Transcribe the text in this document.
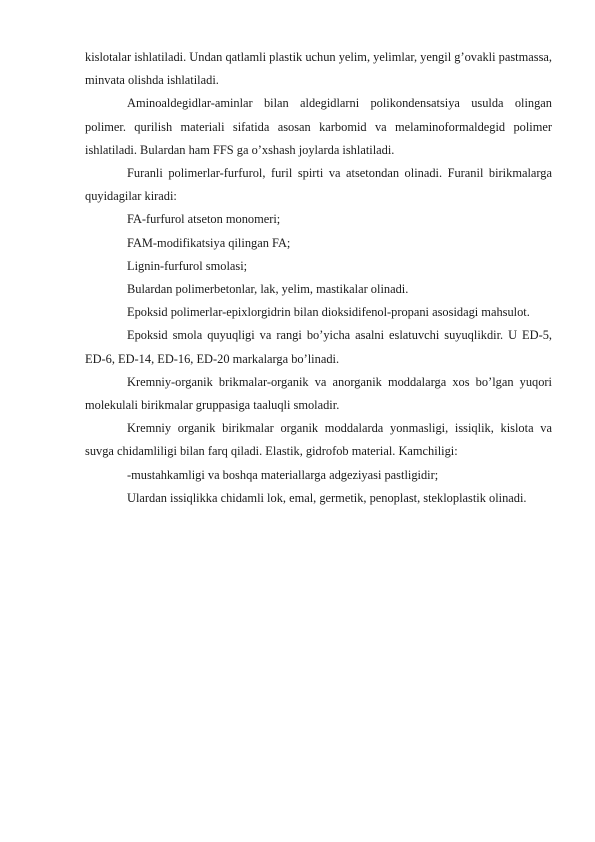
kislotalar ishlatiladi. Undan qatlamli plastik uchun yelim, yelimlar, yengil g’ovakli pastmassa, minvata olishda ishlatiladi.

Aminoaldegidlar-aminlar bilan aldegidlarni polikondensatsiya usulda olingan polimer. qurilish materiali sifatida asosan karbomid va melaminoformaldegid polimer ishlatiladi. Bulardan ham FFS ga o’xshash joylarda ishlatiladi.

Furanli polimerlar-furfurol, furil spirti va atsetondan olinadi. Furanil birikmalarga quyidagilar kiradi:

FA-furfurol atseton monomeri;

FAM-modifikatsiya qilingan FA;

Lignin-furfurol smolasi;

Bulardan polimerbetonlar, lak, yelim, mastikalar olinadi.

Epoksid polimerlar-epixlorgidrin bilan dioksidifenol-propani asosidagi mahsulot.

Epoksid smola quyuqligi va rangi bo’yicha asalni eslatuvchi suyuqlikdir. U ED-5, ED-6, ED-14, ED-16, ED-20 markalarga bo’linadi.

Kremniy-organik brikmalar-organik va anorganik moddalarga xos bo’lgan yuqori molekulali birikmalar gruppasiga taaluqli smoladir.

Kremniy organik birikmalar organik moddalarda yonmasligi, issiqlik, kislota va suvga chidamliligi bilan farq qiladi. Elastik, gidrofob material. Kamchiligi:

-mustahkamligi va boshqa materiallarga adgeziyasi pastligidir;

Ulardan issiqlikka chidamli lok, emal, germetik, penoplast, stekloplastik olinadi.
